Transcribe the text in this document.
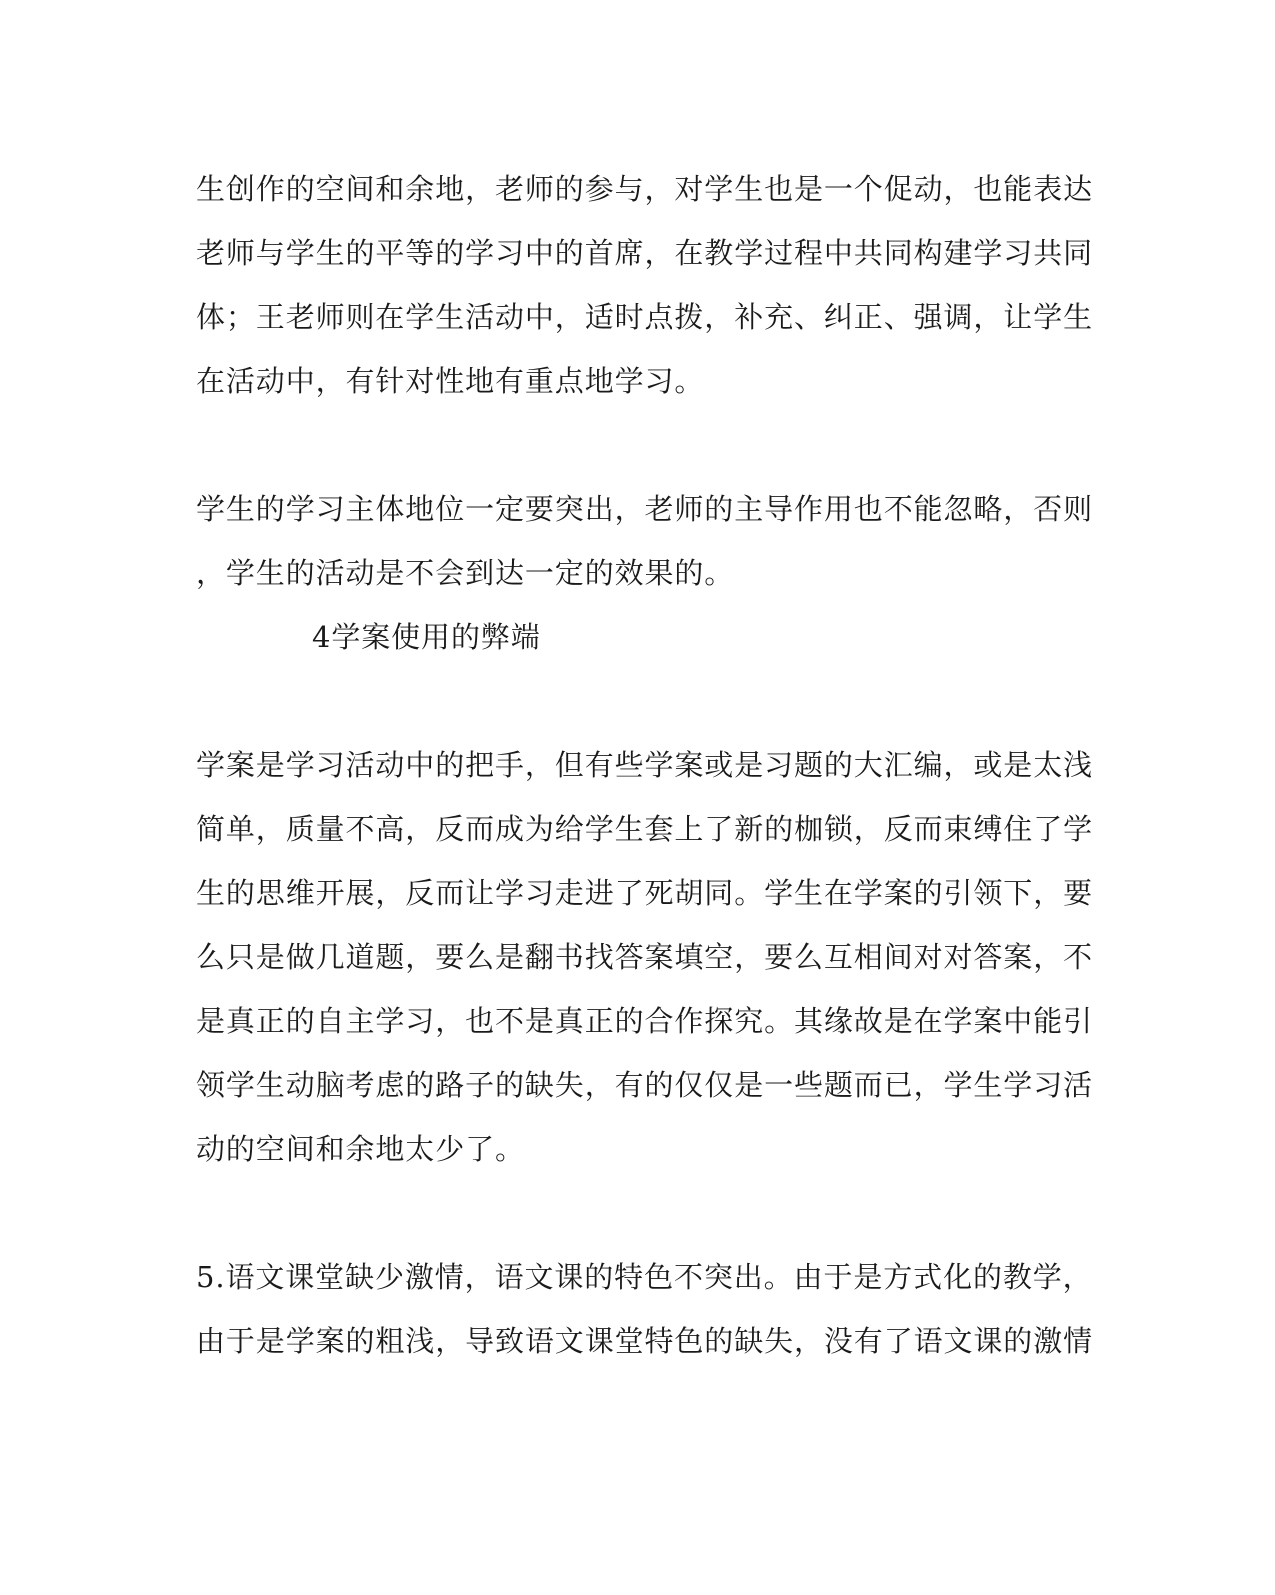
生创作的空间和余地，老师的参与，对学生也是一个促动，也能表达
老师与学生的平等的学习中的首席，在教学过程中共同构建学习共同
体；王老师则在学生活动中，适时点拨，补充、纠正、强调，让学生
在活动中，有针对性地有重点地学习。
学生的学习主体地位一定要突出，老师的主导作用也不能忽略，否则
，学生的活动是不会到达一定的效果的。
4学案使用的弊端
学案是学习活动中的把手，但有些学案或是习题的大汇编，或是太浅
简单，质量不高，反而成为给学生套上了新的枷锁，反而束缚住了学
生的思维开展，反而让学习走进了死胡同。学生在学案的引领下，要
么只是做几道题，要么是翻书找答案填空，要么互相间对对答案，不
是真正的自主学习，也不是真正的合作探究。其缘故是在学案中能引
领学生动脑考虑的路子的缺失，有的仅仅是一些题而已，学生学习活
动的空间和余地太少了。
5.语文课堂缺少激情，语文课的特色不突出。由于是方式化的教学，
由于是学案的粗浅，导致语文课堂特色的缺失，没有了语文课的激情
